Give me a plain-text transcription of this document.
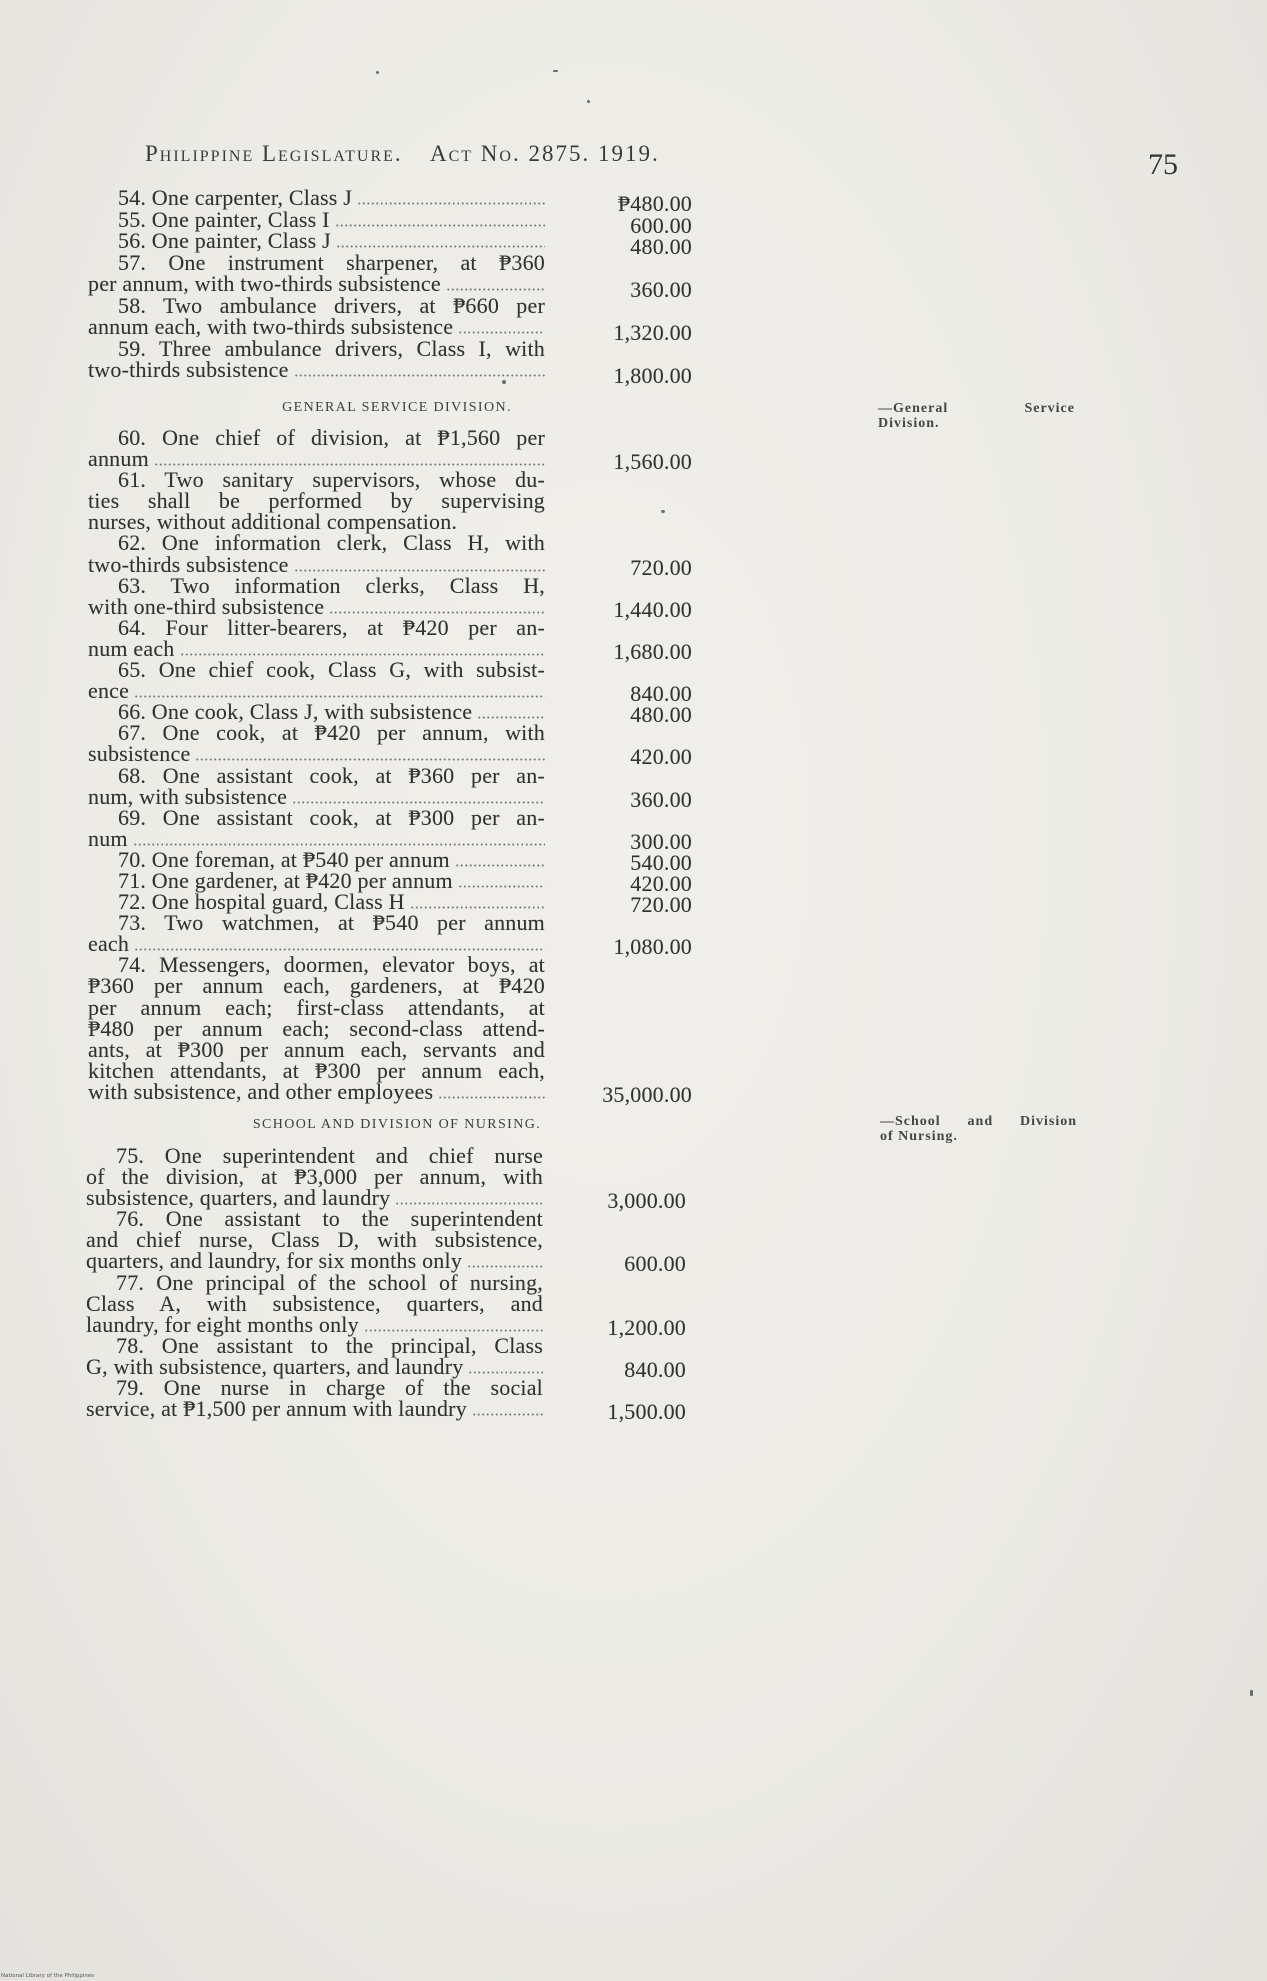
Philippine Legislature. Act No. 2875. 1919.	75
54. One carpenter, Class J	₱480.00
55. One painter, Class I	600.00
56. One painter, Class J	480.00
57. One instrument sharpener, at ₱360
per annum, with two-thirds subsistence	360.00
58. Two ambulance drivers, at ₱660 per
annum each, with two-thirds subsistence	1,320.00
59. Three ambulance drivers, Class I, with
two-thirds subsistence	1,800.00
GENERAL SERVICE DIVISION.	—General Service
Division.
60. One chief of division, at ₱1,560 per
annum	1,560.00
61. Two sanitary supervisors, whose du-
ties shall be performed by supervising
nurses, without additional compensation.
62. One information clerk, Class H, with
two-thirds subsistence	720.00
63. Two information clerks, Class H,
with one-third subsistence	1,440.00
64. Four litter-bearers, at ₱420 per an-
num each	1,680.00
65. One chief cook, Class G, with subsist-
ence	840.00
66. One cook, Class J, with subsistence	480.00
67. One cook, at ₱420 per annum, with
subsistence	420.00
68. One assistant cook, at ₱360 per an-
num, with subsistence	360.00
69. One assistant cook, at ₱300 per an-
num	300.00
70. One foreman, at ₱540 per annum	540.00
71. One gardener, at ₱420 per annum	420.00
72. One hospital guard, Class H	720.00
73. Two watchmen, at ₱540 per annum
each	1,080.00
74. Messengers, doormen, elevator boys, at
₱360 per annum each, gardeners, at ₱420
per annum each; first-class attendants, at
₱480 per annum each; second-class attend-
ants, at ₱300 per annum each, servants and
kitchen attendants, at ₱300 per annum each,
with subsistence, and other employees	35,000.00
SCHOOL AND DIVISION OF NURSING.	—School and Division
of Nursing.
75. One superintendent and chief nurse
of the division, at ₱3,000 per annum, with
subsistence, quarters, and laundry	3,000.00
76. One assistant to the superintendent
and chief nurse, Class D, with subsistence,
quarters, and laundry, for six months only	600.00
77. One principal of the school of nursing,
Class A, with subsistence, quarters, and
laundry, for eight months only	1,200.00
78. One assistant to the principal, Class
G, with subsistence, quarters, and laundry	840.00
79. One nurse in charge of the social
service, at ₱1,500 per annum with laundry	1,500.00
National Library of the Philippines
